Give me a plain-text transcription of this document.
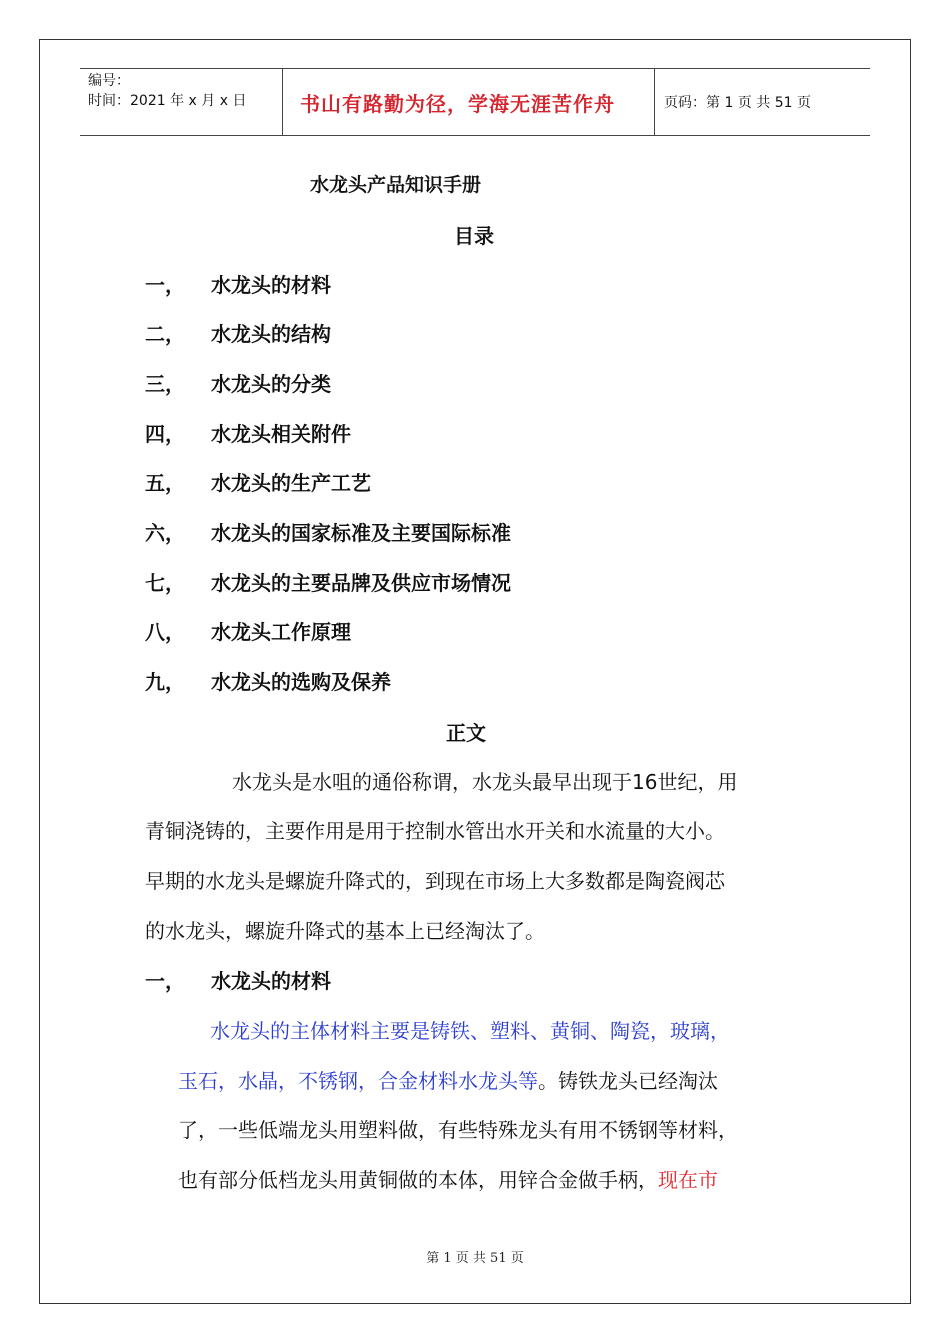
编号：
时间：2021 年 x 月 x 日	书山有路勤为径，学海无涯苦作舟	页码：第 1 页 共 51 页
水龙头产品知识手册
目录
一，	水龙头的材料
二，	水龙头的结构
三，	水龙头的分类
四，	水龙头相关附件
五，	水龙头的生产工艺
六，	水龙头的国家标准及主要国际标准
七，	水龙头的主要品牌及供应市场情况
八，	水龙头工作原理
九，	水龙头的选购及保养
正文
水龙头是水咀的通俗称谓，水龙头最早出现于16世纪，用
青铜浇铸的，主要作用是用于控制水管出水开关和水流量的大小。
早期的水龙头是螺旋升降式的，到现在市场上大多数都是陶瓷阀芯
的水龙头，螺旋升降式的基本上已经淘汰了。
一， 水龙头的材料
水龙头的主体材料主要是铸铁、塑料、黄铜、陶瓷，玻璃，
玉石，水晶，不锈钢，合金材料水龙头等。铸铁龙头已经淘汰
了，一些低端龙头用塑料做，有些特殊龙头有用不锈钢等材料，
也有部分低档龙头用黄铜做的本体，用锌合金做手柄，现在市
第 1 页 共 51 页
